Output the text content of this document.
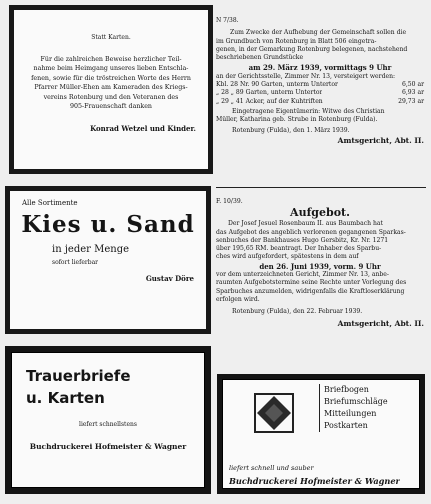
Statt Karten.
Für die zahlreichen Beweise herzlicher Teil-
nahme beim Heimgang unseres lieben Entschla-
fenen, sowie für die tröstreichen Worte des Herrn
Pfarrer Müller-Ehen am Kameraden des Kriegs-
vereins Rotenburg und den Veteranen des
905-Frauenschaft danken
Konrad Wetzel und Kinder.
Alle Sortimente
Kies u. Sand
in jeder Menge
sofort lieferbar
Gustav Döre
Trauerbriefe
u. Karten
liefert schnellstens
Buchdruckerei Hofmeister & Wagner
N 7/38.
Zum Zwecke der Aufhebung der Gemeinschaft sollen die
im Grundbuch von Rotenburg in Blatt 506 eingetra-
genen, in der Gemarkung Rotenburg belegenen, nachstehend
beschriebenen Grundstücke
am 29. März 1939, vormittags 9 Uhr
an der Gerichtsstelle, Zimmer Nr. 13, versteigert werden:
Kbl. 28 Nr. 90 Garten, unterm Untertor	6,50 ar
„ 28 „ 89 Garten, unterm Untertor	6,93 ar
„ 29 „ 41 Acker, auf der Kuhtriften	29,73 ar
Eingetragene Eigentümerin: Witwe des Christian
Müller, Katharina geb. Strube in Rotenburg (Fulda).
Rotenburg (Fulda), den 1. März 1939.
Amtsgericht, Abt. II.
F. 10/39.
Aufgebot.
Der Josef Jesuel Rosenbaum II. aus Baumbach hat
das Aufgebot des angeblich verlorenen gegangenen Sparkas-
senbuches der Bankhauses Hugo Gersbitz, Kr. Nr. 1271
über 195,65 RM. beantragt. Der Inhaber des Sparbu-
ches wird aufgefordert, spätestens in dem auf
den 26. Juni 1939, vorm. 9 Uhr
vor dem unterzeichneten Gericht, Zimmer Nr. 13, anbe-
raumten Aufgebotstermine seine Rechte unter Vorlegung des
Sparbuches anzumelden, widrigenfalls die Kraftloserklärung
erfolgen wird.
Rotenburg (Fulda), den 22. Februar 1939.
Amtsgericht, Abt. II.
Briefbogen
Briefumschläge
Mitteilungen
Postkarten
liefert schnell und sauber
Buchdruckerei Hofmeister & Wagner
